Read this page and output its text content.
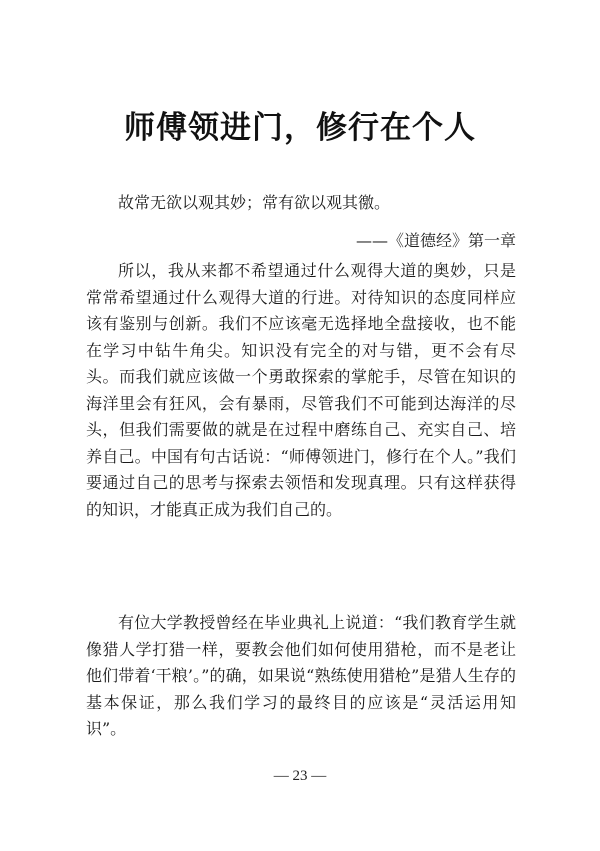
师傅领进门，修行在个人
故常无欲以观其妙；常有欲以观其徼。
——《道德经》第一章

所以，我从来都不希望通过什么观得大道的奥妙，只是常常希望通过什么观得大道的行进。对待知识的态度同样应该有鉴别与创新。我们不应该毫无选择地全盘接收，也不能在学习中钻牛角尖。知识没有完全的对与错，更不会有尽头。而我们就应该做一个勇敢探索的掌舵手，尽管在知识的海洋里会有狂风，会有暴雨，尽管我们不可能到达海洋的尽头，但我们需要做的就是在过程中磨练自己、充实自己、培养自己。中国有句古话说：“师傅领进门，修行在个人。”我们要通过自己的思考与探索去领悟和发现真理。只有这样获得的知识，才能真正成为我们自己的。

有位大学教授曾经在毕业典礼上说道：“我们教育学生就像猎人学打猎一样，要教会他们如何使用猎枪，而不是老让他们带着‘干粮’。”的确，如果说“熟练使用猎枪”是猎人生存的基本保证，那么我们学习的最终目的应该是“灵活运用知识”。

— 23 —
